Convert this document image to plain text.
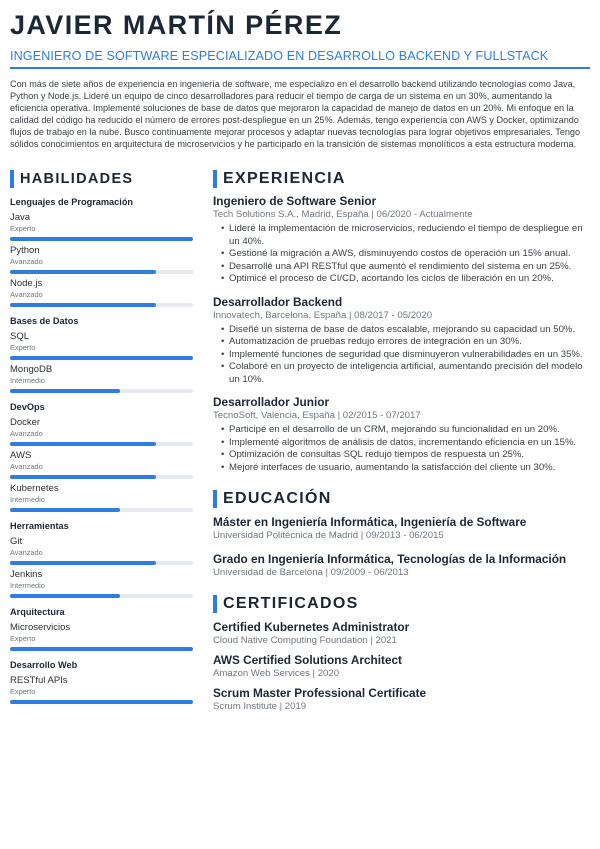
JAVIER MARTÍN PÉREZ
INGENIERO DE SOFTWARE ESPECIALIZADO EN DESARROLLO BACKEND Y FULLSTACK
Con más de siete años de experiencia en ingeniería de software, me especializo en el desarrollo backend utilizando tecnologías como Java, Python y Node.js. Lideré un equipo de cinco desarrolladores para reducir el tiempo de carga de un sistema en un 30%, aumentando la eficiencia operativa. Implementé soluciones de base de datos que mejoraron la capacidad de manejo de datos en un 20%. Mi enfoque en la calidad del código ha reducido el número de errores post-despliegue en un 25%. Además, tengo experiencia con AWS y Docker, optimizando flujos de trabajo en la nube. Busco continuamente mejorar procesos y adaptar nuevas tecnologías para lograr objetivos empresariales. Tengo sólidos conocimientos en arquitectura de microservicios y he participado en la transición de sistemas monolíticos a esta estructura moderna.
HABILIDADES
Lenguajes de Programación
Java
Experto
Python
Avanzado
Node.js
Avanzado
Bases de Datos
SQL
Experto
MongoDB
Intermedio
DevOps
Docker
Avanzado
AWS
Avanzado
Kubernetes
Intermedio
Herramientas
Git
Avanzado
Jenkins
Intermedio
Arquitectura
Microservicios
Experto
Desarrollo Web
RESTful APIs
Experto
EXPERIENCIA
Ingeniero de Software Senior
Tech Solutions S.A., Madrid, España | 06/2020 - Actualmente
• Lideré la implementación de microservicios, reduciendo el tiempo de despliegue en un 40%.
• Gestioné la migración a AWS, disminuyendo costos de operación un 15% anual.
• Desarrollé una API RESTful que aumentó el rendimiento del sistema en un 25%.
• Optimicé el proceso de CI/CD, acortando los ciclos de liberación en un 20%.
Desarrollador Backend
Innovatech, Barcelona, España | 08/2017 - 05/2020
• Diseñé un sistema de base de datos escalable, mejorando su capacidad un 50%.
• Automatización de pruebas redujo errores de integración en un 30%.
• Implementé funciones de seguridad que disminuyeron vulnerabilidades en un 35%.
• Colaboré en un proyecto de inteligencia artificial, aumentando precisión del modelo un 10%.
Desarrollador Junior
TecnoSoft, Valencia, España | 02/2015 - 07/2017
• Participé en el desarrollo de un CRM, mejorando su funcionalidad en un 20%.
• Implementé algoritmos de análisis de datos, incrementando eficiencia en un 15%.
• Optimización de consultas SQL redujo tiempos de respuesta un 25%.
• Mejoré interfaces de usuario, aumentando la satisfacción del cliente un 30%.
EDUCACIÓN
Máster en Ingeniería Informática, Ingeniería de Software
Universidad Politécnica de Madrid | 09/2013 - 06/2015
Grado en Ingeniería Informática, Tecnologías de la Información
Universidad de Barcelona | 09/2009 - 06/2013
CERTIFICADOS
Certified Kubernetes Administrator
Cloud Native Computing Foundation | 2021
AWS Certified Solutions Architect
Amazon Web Services | 2020
Scrum Master Professional Certificate
Scrum Institute | 2019
